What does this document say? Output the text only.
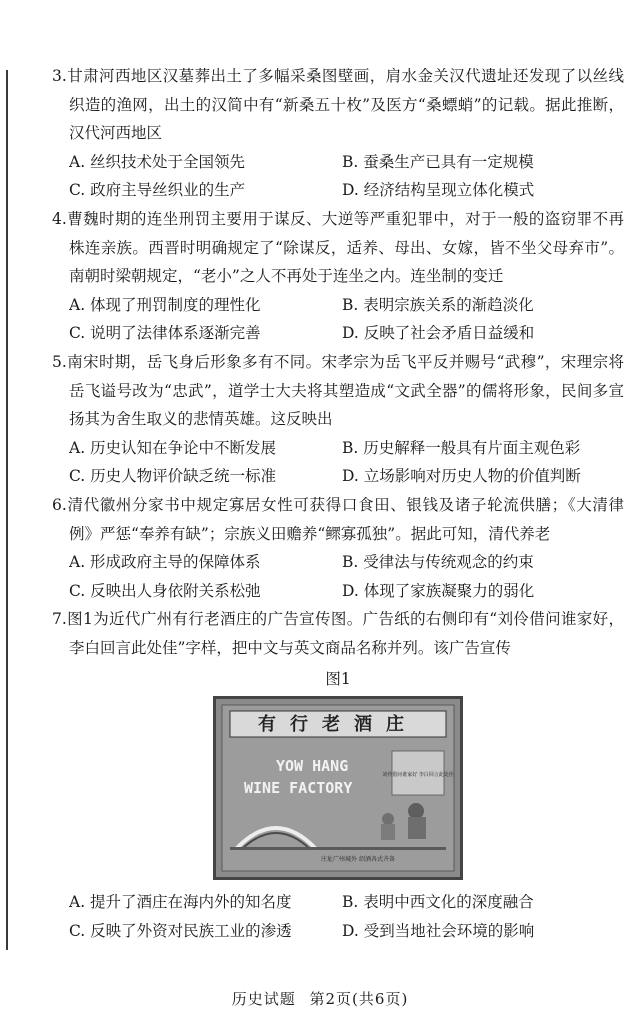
3.甘肃河西地区汉墓葬出土了多幅采桑图壁画，肩水金关汉代遗址还发现了以丝线织造的渔网，出土的汉简中有“新桑五十枚”及医方“桑螵蛸”的记载。据此推断，汉代河西地区

A. 丝织技术处于全国领先	B. 蚕桑生产已具有一定规模
C. 政府主导丝织业的生产	D. 经济结构呈现立体化模式

4.曹魏时期的连坐刑罚主要用于谋反、大逆等严重犯罪中，对于一般的盗窃罪不再株连亲族。西晋时明确规定了“除谋反，适养、母出、女嫁，皆不坐父母弃市”。南朝时梁朝规定，“老小”之人不再处于连坐之内。连坐制的变迁

A. 体现了刑罚制度的理性化	B. 表明宗族关系的渐趋淡化
C. 说明了法律体系逐渐完善	D. 反映了社会矛盾日益缓和

5.南宋时期，岳飞身后形象多有不同。宋孝宗为岳飞平反并赐号“武穆”，宋理宗将岳飞谥号改为“忠武”，道学士大夫将其塑造成“文武全器”的儒将形象，民间多宣扬其为舍生取义的悲情英雄。这反映出

A. 历史认知在争论中不断发展	B. 历史解释一般具有片面主观色彩
C. 历史人物评价缺乏统一标准	D. 立场影响对历史人物的价值判断

6.清代徽州分家书中规定寡居女性可获得口食田、银钱及诸子轮流供膳；《大清律例》严惩“奉养有缺”；宗族义田赡养“鳏寡孤独”。据此可知，清代养老

A. 形成政府主导的保障体系	B. 受律法与传统观念的约束
C. 反映出人身依附关系松弛	D. 体现了家族凝聚力的弱化

7.图1为近代广州有行老酒庄的广告宣传图。广告纸的右侧印有“刘伶借问谁家好，李白回言此处佳”字样，把中文与英文商品名称并列。该广告宣传

图1
有行老酒庄
YOW HANG
WINE FACTORY
刘伶借问谁家好 李白回言此处佳
庄址广州城外 绍酒各式齐备
A. 提升了酒庄在海内外的知名度	B. 表明中西文化的深度融合
C. 反映了外资对民族工业的渗透	D. 受到当地社会环境的影响
历史试题 第2页(共6页)
